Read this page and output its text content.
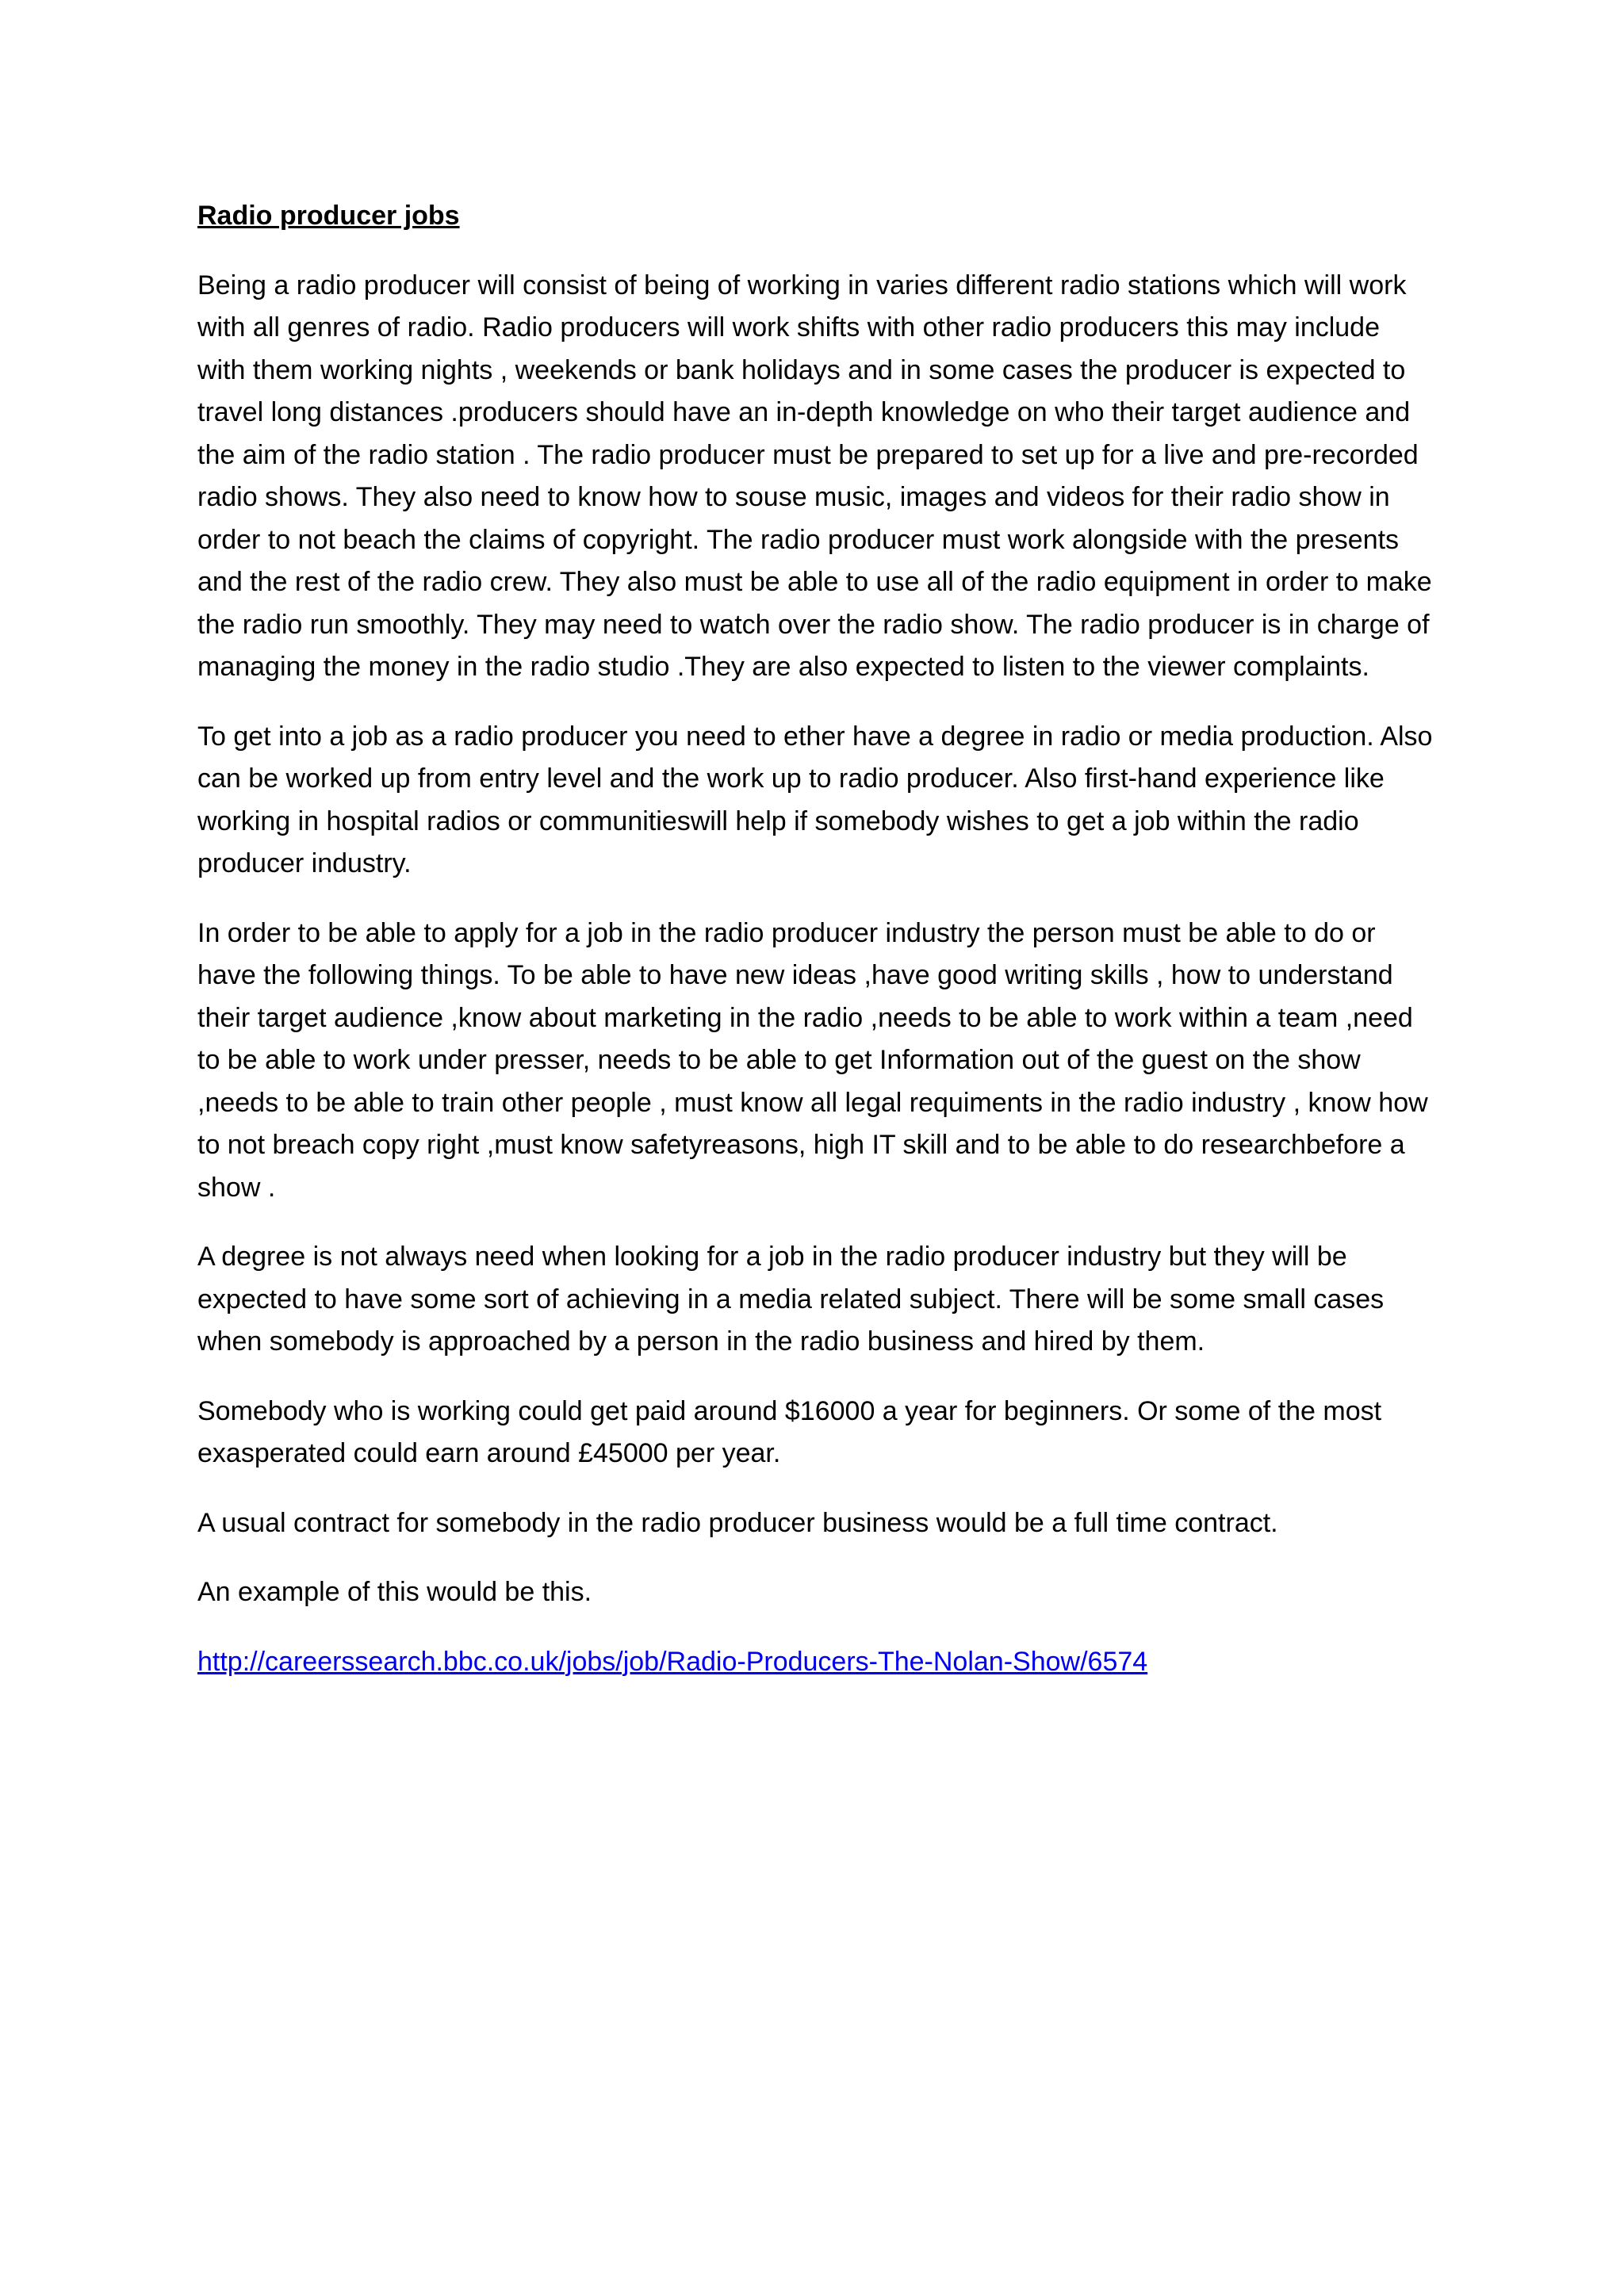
Radio producer jobs

Being a radio producer will consist of being of working in varies different radio stations which will work with all genres of radio. Radio producers will work shifts with other radio producers this may include with them working nights , weekends or bank holidays and in some cases the producer is expected to travel long distances .producers should have an in-depth knowledge on who their target audience and the aim of the radio station . The radio producer must be prepared to set up for a live and pre-recorded radio shows. They also need to know how to souse music, images and videos for their radio show in order to not beach the claims of copyright. The radio producer must work alongside with the presents and the rest of the radio crew. They also must be able to use all of the radio equipment in order to make the radio run smoothly. They may need to watch over the radio show. The radio producer is in charge of managing the money in the radio studio .They are also expected to listen to the viewer complaints.

To get into a job as a radio producer you need to ether have a degree in radio or media production. Also can be worked up from entry level and the work up to radio producer. Also first-hand experience like working in hospital radios or communitieswill help if somebody wishes to get a job within the radio producer industry.

In order to be able to apply for a job in the radio producer industry the person must be able to do or have the following things. To be able to have new ideas ,have good writing skills , how to understand their target audience ,know about marketing in the radio ,needs to be able to work within a team ,need to be able to work under presser, needs to be able to get Information out of the guest on the show ,needs to be able to train other people , must know all legal requiments in the radio industry , know how to not breach copy right ,must know safetyreasons, high IT skill and to be able to do researchbefore a show .

A degree is not always need when looking for a job in the radio producer industry but they will be expected to have some sort of achieving in a media related subject. There will be some small cases when somebody is approached by a person in the radio business and hired by them.

Somebody who is working could get paid around $16000 a year for beginners. Or some of the most exasperated could earn around £45000 per year.

A usual contract for somebody in the radio producer business would be a full time contract.

An example of this would be this.

http://careerssearch.bbc.co.uk/jobs/job/Radio-Producers-The-Nolan-Show/6574
